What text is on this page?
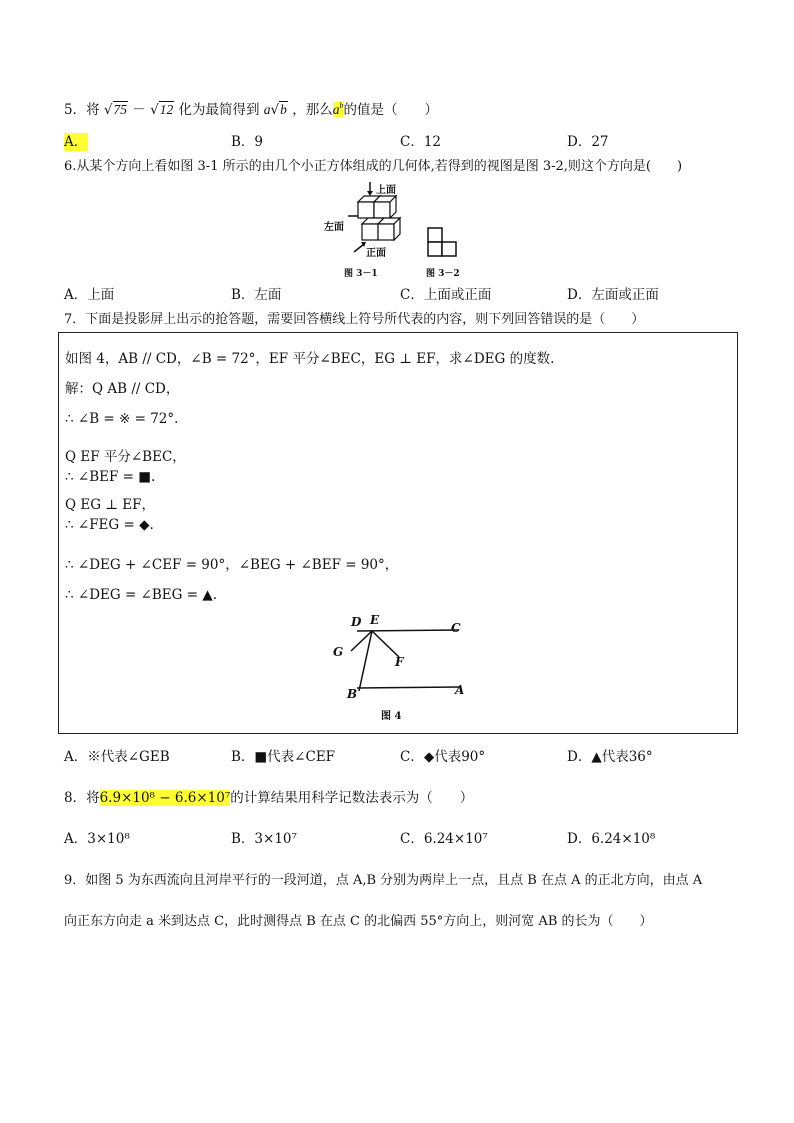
5．将 √75 － √12 化为最简得到 a√b ，那么$a^b$的值是（　　）
A．	B．9	C．12	D．27
6.从某个方向上看如图 3-1 所示的由几个小正方体组成的几何体,若得到的视图是图 3-2,则这个方向是(　　)
上面
左面
正面
图 3－1	图 3－2
A．上面	B．左面	C．上面或正面	D．左面或正面
7．下面是投影屏上出示的抢答题，需要回答横线上符号所代表的内容，则下列回答错误的是（　　）
如图 4，AB // CD，∠B = 72°，EF 平分∠BEC，EG ⊥ EF，求∠DEG 的度数.
解：Q AB // CD，
∴ ∠B = ※ = 72°.
Q EF 平分∠BEC，
∴ ∠BEF = ■.
Q EG ⊥ EF，
∴ ∠FEG = ◆.
∴ ∠DEG + ∠CEF = 90°，∠BEG + ∠BEF = 90°，
∴ ∠DEG = ∠BEG = ▲.
D E
C
G
F
B	A
图 4
A．※代表∠GEB	B．■代表∠CEF	C．◆代表90°	D．▲代表36°
8．将6.9×10⁸ − 6.6×10⁷的计算结果用科学记数法表示为（　　）
A．3×10⁸	B．3×10⁷	C．6.24×10⁷	D．6.24×10⁸
9．如图 5 为东西流向且河岸平行的一段河道，点 A,B 分别为两岸上一点，且点 B 在点 A 的正北方向，由点 A
向正东方向走 a 米到达点 C，此时测得点 B 在点 C 的北偏西 55°方向上，则河宽 AB 的长为（　　）
